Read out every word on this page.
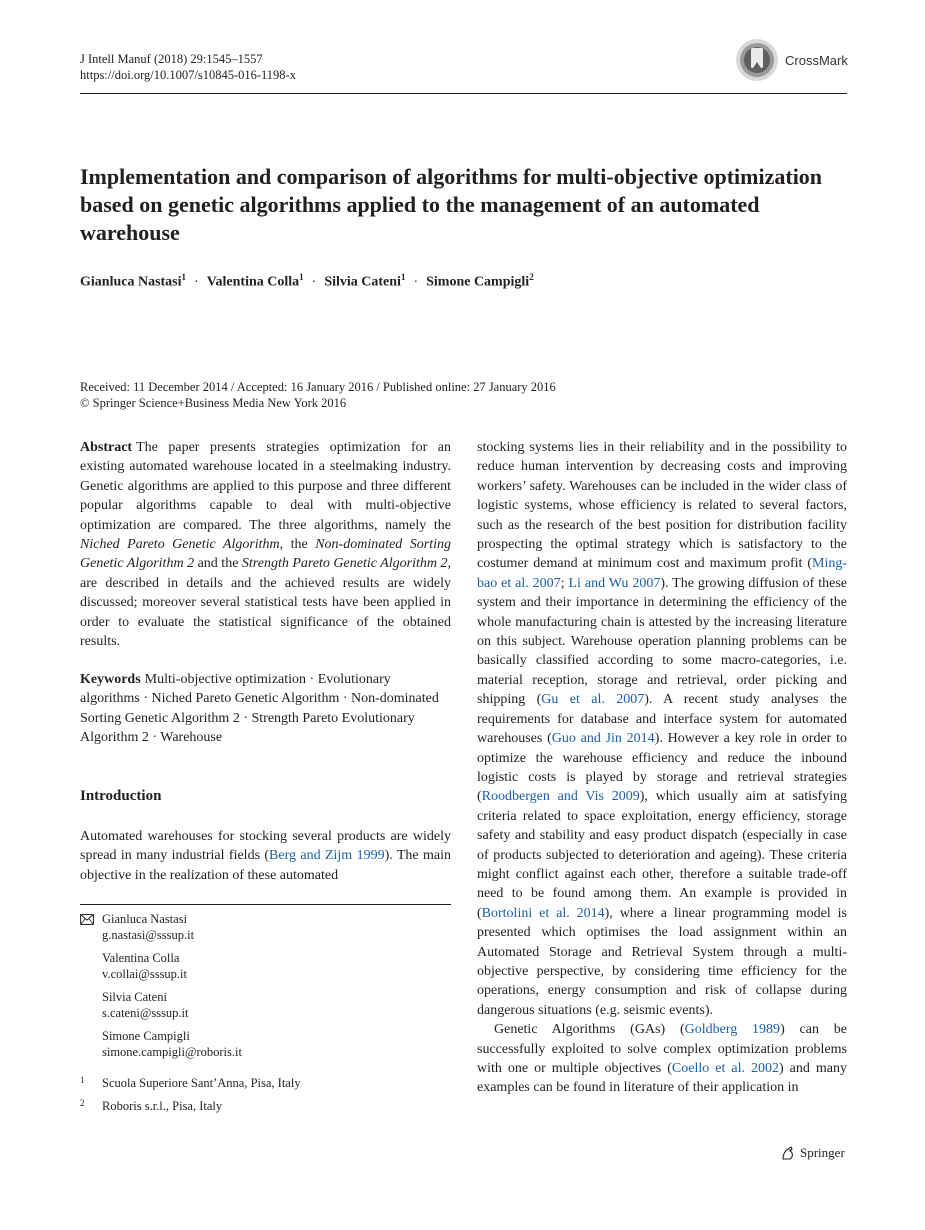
J Intell Manuf (2018) 29:1545–1557
https://doi.org/10.1007/s10845-016-1198-x
CrossMark
Implementation and comparison of algorithms for multi-objective optimization based on genetic algorithms applied to the management of an automated warehouse
Gianluca Nastasi$^1$ · Valentina Colla$^1$ · Silvia Cateni$^1$ · Simone Campigli$^2$
Received: 11 December 2014 / Accepted: 16 January 2016 / Published online: 27 January 2016
© Springer Science+Business Media New York 2016

Abstract The paper presents strategies optimization for an existing automated warehouse located in a steelmaking industry. Genetic algorithms are applied to this purpose and three different popular algorithms capable to deal with multi-objective optimization are compared. The three algorithms, namely the Niched Pareto Genetic Algorithm, the Non-dominated Sorting Genetic Algorithm 2 and the Strength Pareto Genetic Algorithm 2, are described in details and the achieved results are widely discussed; moreover several statistical tests have been applied in order to evaluate the statistical significance of the obtained results.

Keywords Multi-objective optimization · Evolutionary algorithms · Niched Pareto Genetic Algorithm · Non-dominated Sorting Genetic Algorithm 2 · Strength Pareto Evolutionary Algorithm 2 · Warehouse

Introduction

Automated warehouses for stocking several products are widely spread in many industrial fields (Berg and Zijm 1999). The main objective in the realization of these automated

Gianluca Nastasi
g.nastasi@sssup.it
Valentina Colla
v.collai@sssup.it
Silvia Cateni
s.cateni@sssup.it
Simone Campigli
simone.campigli@roboris.it
1 Scuola Superiore Sant’Anna, Pisa, Italy
2 Roboris s.r.l., Pisa, Italy

stocking systems lies in their reliability and in the possibility to reduce human intervention by decreasing costs and improving workers’ safety. Warehouses can be included in the wider class of logistic systems, whose efficiency is related to several factors, such as the research of the best position for distribution facility prospecting the optimal strategy which is satisfactory to the costumer demand at minimum cost and maximum profit (Ming-bao et al. 2007; Li and Wu 2007). The growing diffusion of these system and their importance in determining the efficiency of the whole manufacturing chain is attested by the increasing literature on this subject. Warehouse operation planning problems can be basically classified according to some macro-categories, i.e. material reception, storage and retrieval, order picking and shipping (Gu et al. 2007). A recent study analyses the requirements for database and interface system for automated warehouses (Guo and Jin 2014). However a key role in order to optimize the warehouse efficiency and reduce the inbound logistic costs is played by storage and retrieval strategies (Roodbergen and Vis 2009), which usually aim at satisfying criteria related to space exploitation, energy efficiency, storage safety and stability and easy product dispatch (especially in case of products subjected to deterioration and ageing). These criteria might conflict against each other, therefore a suitable trade-off need to be found among them. An example is provided in (Bortolini et al. 2014), where a linear programming model is presented which optimises the load assignment within an Automated Storage and Retrieval System through a multi-objective perspective, by considering time efficiency for the operations, energy consumption and risk of collapse during dangerous situations (e.g. seismic events).

Genetic Algorithms (GAs) (Goldberg 1989) can be successfully exploited to solve complex optimization problems with one or multiple objectives (Coello et al. 2002) and many examples can be found in literature of their application in

Springer
